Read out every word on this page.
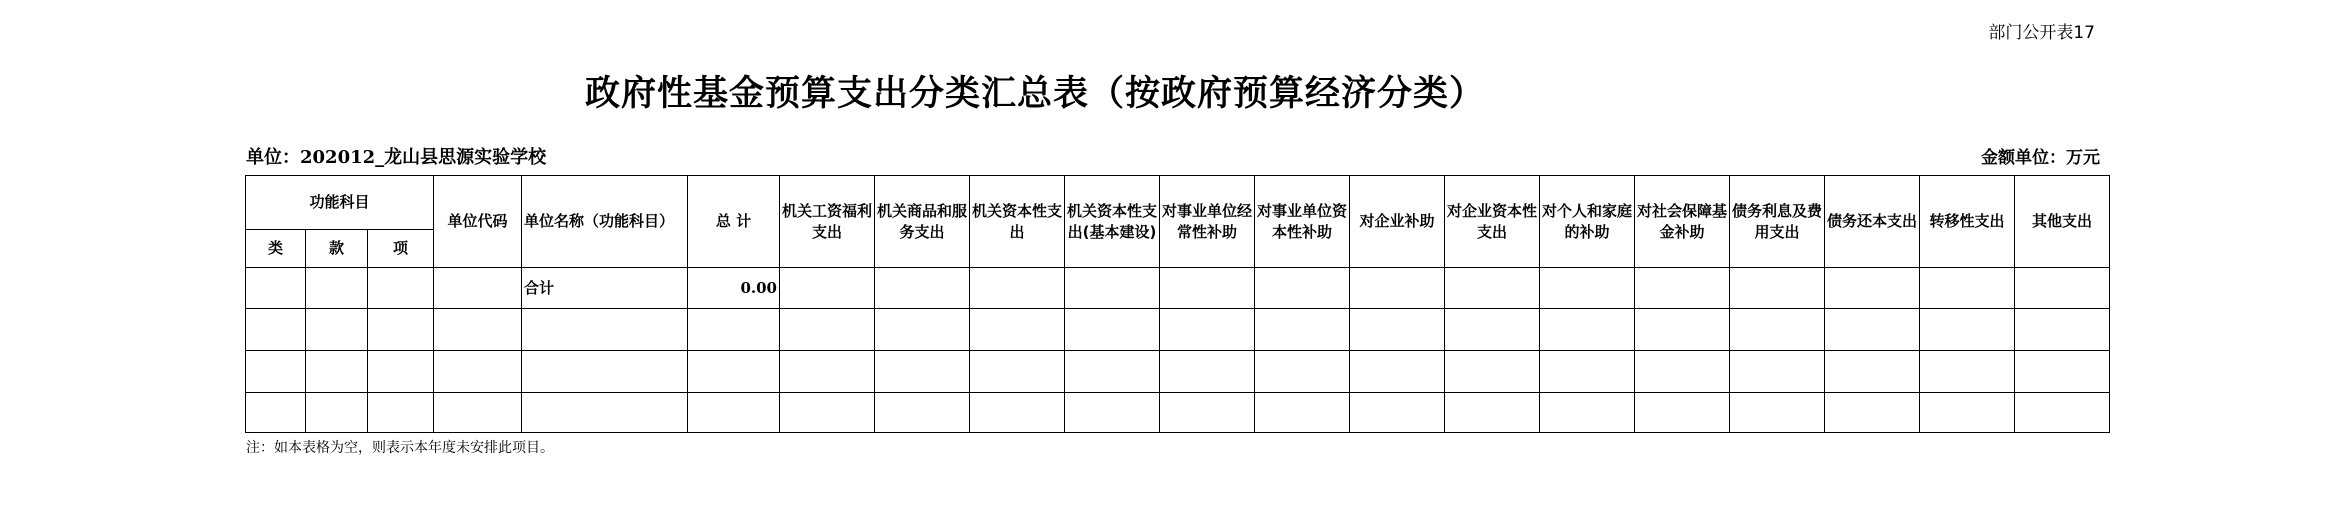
部门公开表17
政府性基金预算支出分类汇总表（按政府预算经济分类）
单位：202012_龙山县思源实验学校	金额单位：万元
功能科目			单位代码	单位名称（功能科目）	总 计	机关工资福利支出	机关商品和服务支出	机关资本性支出	机关资本性支出(基本建设)	对事业单位经常性补助	对事业单位资本性补助	对企业补助	对企业资本性支出	对个人和家庭的补助	对社会保障基金补助	债务利息及费用支出	债务还本支出	转移性支出	其他支出
类	款	项																	
				合计	0.00														

注：如本表格为空，则表示本年度未安排此项目。
